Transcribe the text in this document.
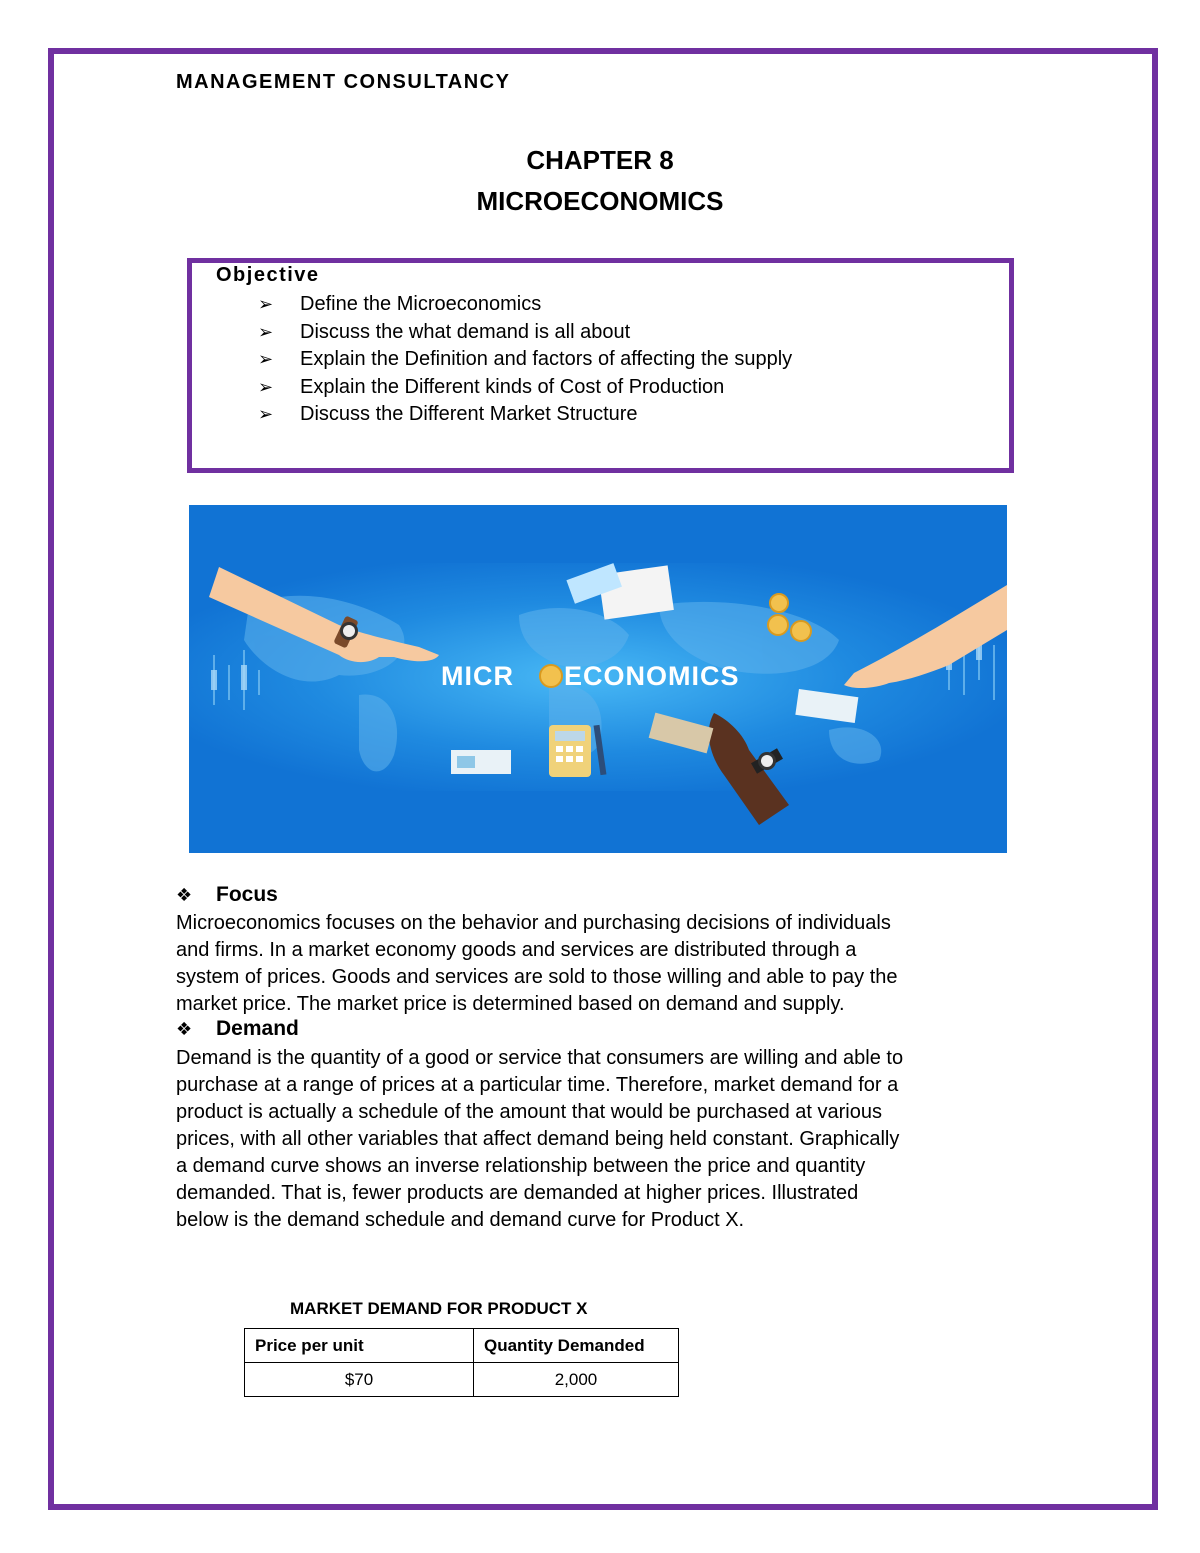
MANAGEMENT CONSULTANCY
CHAPTER 8
MICROECONOMICS
Objective
➢ Define the Microeconomics
➢ Discuss the what demand is all about
➢ Explain the Definition and factors of affecting the supply
➢ Explain the Different kinds of Cost of Production
➢ Discuss the Different Market Structure
MICR ECONOMICS
❖ Focus
Microeconomics focuses on the behavior and purchasing decisions of individuals
and firms. In a market economy goods and services are distributed through a
system of prices. Goods and services are sold to those willing and able to pay the
market price. The market price is determined based on demand and supply.
❖ Demand
Demand is the quantity of a good or service that consumers are willing and able to
purchase at a range of prices at a particular time. Therefore, market demand for a
product is actually a schedule of the amount that would be purchased at various
prices, with all other variables that affect demand being held constant. Graphically
a demand curve shows an inverse relationship between the price and quantity
demanded. That is, fewer products are demanded at higher prices. Illustrated
below is the demand schedule and demand curve for Product X.
MARKET DEMAND FOR PRODUCT X
Price per unit	Quantity Demanded
$70	2,000
